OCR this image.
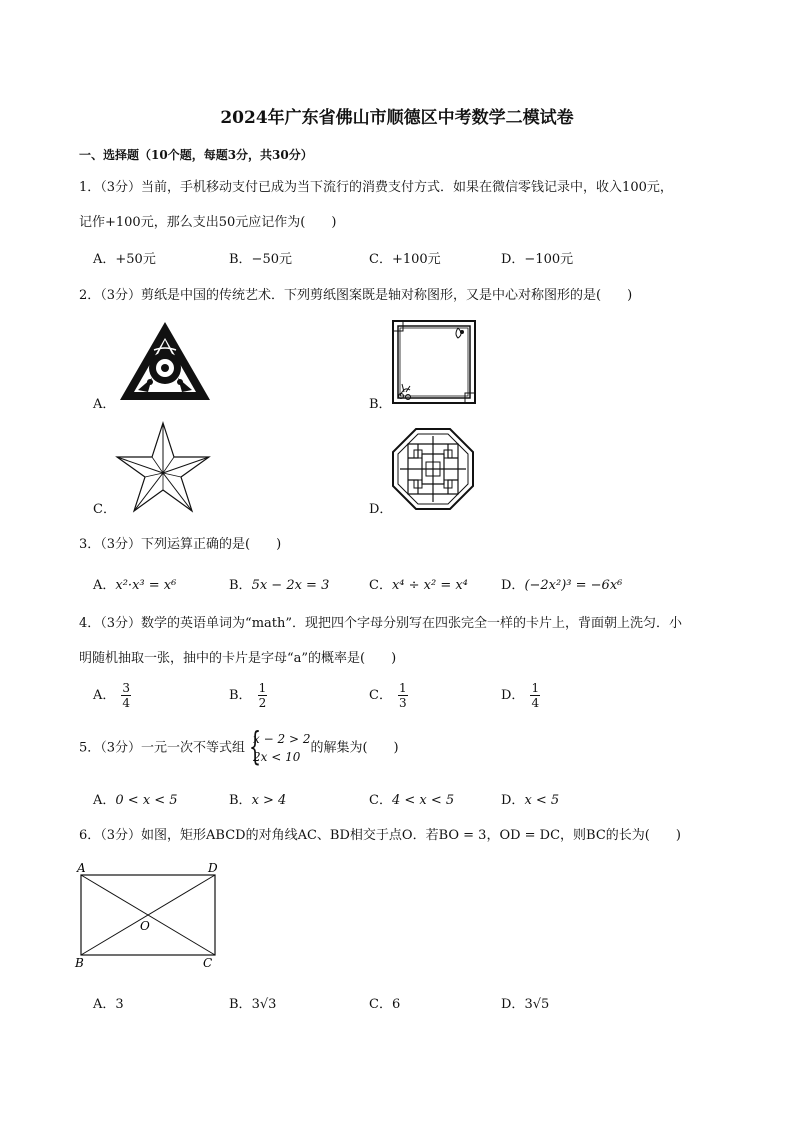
2024年广东省佛山市顺德区中考数学二模试卷
一、选择题（10个题，每题3分，共30分）
1．（3分）当前，手机移动支付已成为当下流行的消费支付方式．如果在微信零钱记录中，收入100元，
记作+100元，那么支出50元应记作为(　　)
A．+50元	B．−50元	C．+100元	D．−100元
2．（3分）剪纸是中国的传统艺术．下列剪纸图案既是轴对称图形，又是中心对称图形的是(　　)
A．	B．
C．	D．
3．（3分）下列运算正确的是(　　)
A．x²·x³ = x⁶	B．5x − 2x = 3	C．x⁴ ÷ x² = x⁴	D．(−2x²)³ = −6x⁶
4．（3分）数学的英语单词为“math”．现把四个字母分别写在四张完全一样的卡片上，背面朝上洗匀．小
明随机抽取一张，抽中的卡片是字母“a”的概率是(　　)
A． $\frac{3}{4}$	B． $\frac{1}{2}$	C． $\frac{1}{3}$	D． $\frac{1}{4}$
5．（3分）一元一次不等式组 {
x − 2 > 2
2x < 10
的解集为(　　)
A．0 < x < 5	B．x > 4	C．4 < x < 5	D．x < 5
6．（3分）如图，矩形ABCD的对角线AC、BD相交于点O．若BO = 3，OD = DC，则BC的长为(　　)
A	D
B	C
O
A．3	B．3√3	C．6	D．3√5
